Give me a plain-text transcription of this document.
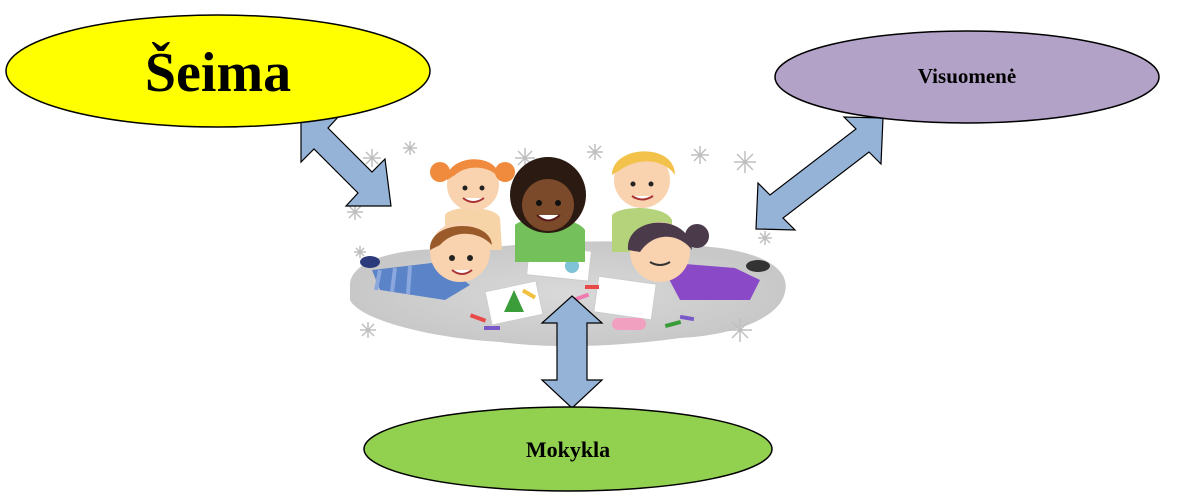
Šeima	Visuomenė
Mokykla
